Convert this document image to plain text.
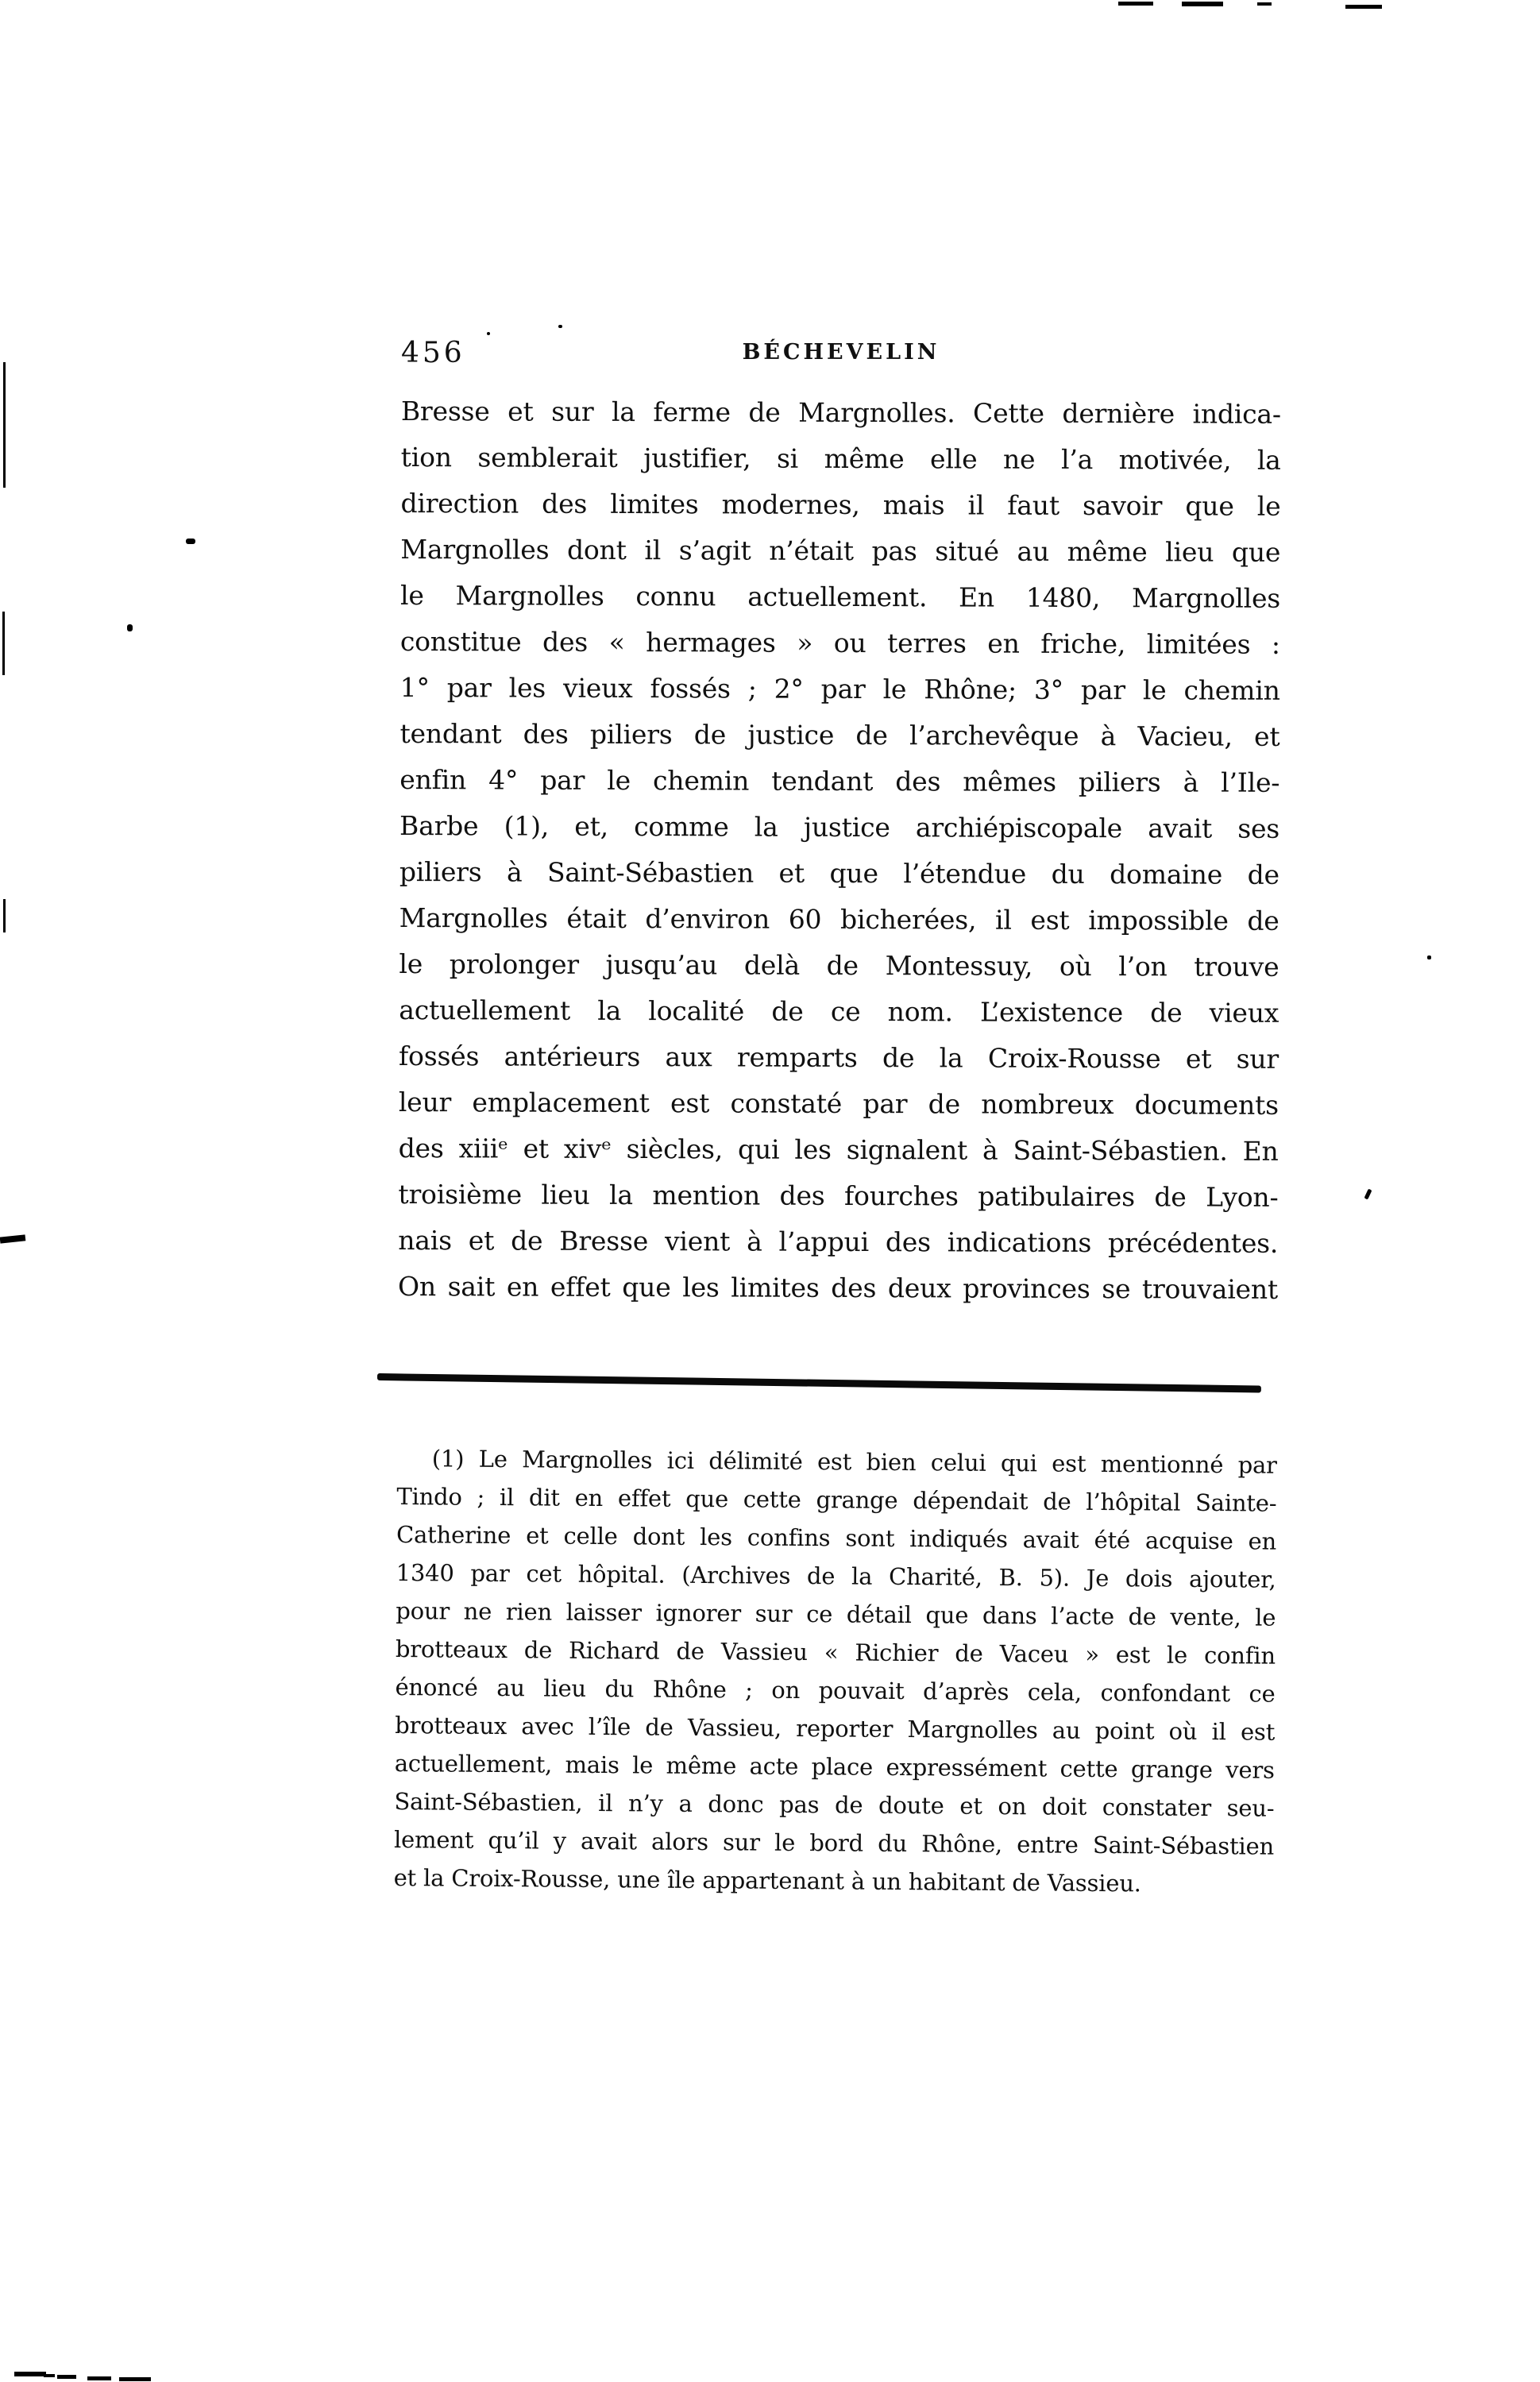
456	BÉCHEVELIN
Bresse et sur la ferme de Margnolles. Cette dernière indica-
tion semblerait justifier, si même elle ne l’a motivée, la
direction des limites modernes, mais il faut savoir que le
Margnolles dont il s’agit n’était pas situé au même lieu que
le Margnolles connu actuellement. En 1480, Margnolles
constitue des « hermages » ou terres en friche, limitées :
1° par les vieux fossés ; 2° par le Rhône; 3° par le chemin
tendant des piliers de justice de l’archevêque à Vacieu, et
enfin 4° par le chemin tendant des mêmes piliers à l’Ile-
Barbe (1), et, comme la justice archiépiscopale avait ses
piliers à Saint-Sébastien et que l’étendue du domaine de
Margnolles était d’environ 60 bicherées, il est impossible de
le prolonger jusqu’au delà de Montessuy, où l’on trouve
actuellement la localité de ce nom. L’existence de vieux
fossés antérieurs aux remparts de la Croix-Rousse et sur
leur emplacement est constaté par de nombreux documents
des xiiiᵉ et xivᵉ siècles, qui les signalent à Saint-Sébastien. En
troisième lieu la mention des fourches patibulaires de Lyon-
nais et de Bresse vient à l’appui des indications précédentes.
On sait en effet que les limites des deux provinces se trouvaient
(1) Le Margnolles ici délimité est bien celui qui est mentionné par
Tindo ; il dit en effet que cette grange dépendait de l’hôpital Sainte-
Catherine et celle dont les confins sont indiqués avait été acquise en
1340 par cet hôpital. (Archives de la Charité, B. 5). Je dois ajouter,
pour ne rien laisser ignorer sur ce détail que dans l’acte de vente, le
brotteaux de Richard de Vassieu « Richier de Vaceu » est le confin
énoncé au lieu du Rhône ; on pouvait d’après cela, confondant ce
brotteaux avec l’île de Vassieu, reporter Margnolles au point où il est
actuellement, mais le même acte place expressément cette grange vers
Saint-Sébastien, il n’y a donc pas de doute et on doit constater seu-
lement qu’il y avait alors sur le bord du Rhône, entre Saint-Sébastien
et la Croix-Rousse, une île appartenant à un habitant de Vassieu.
